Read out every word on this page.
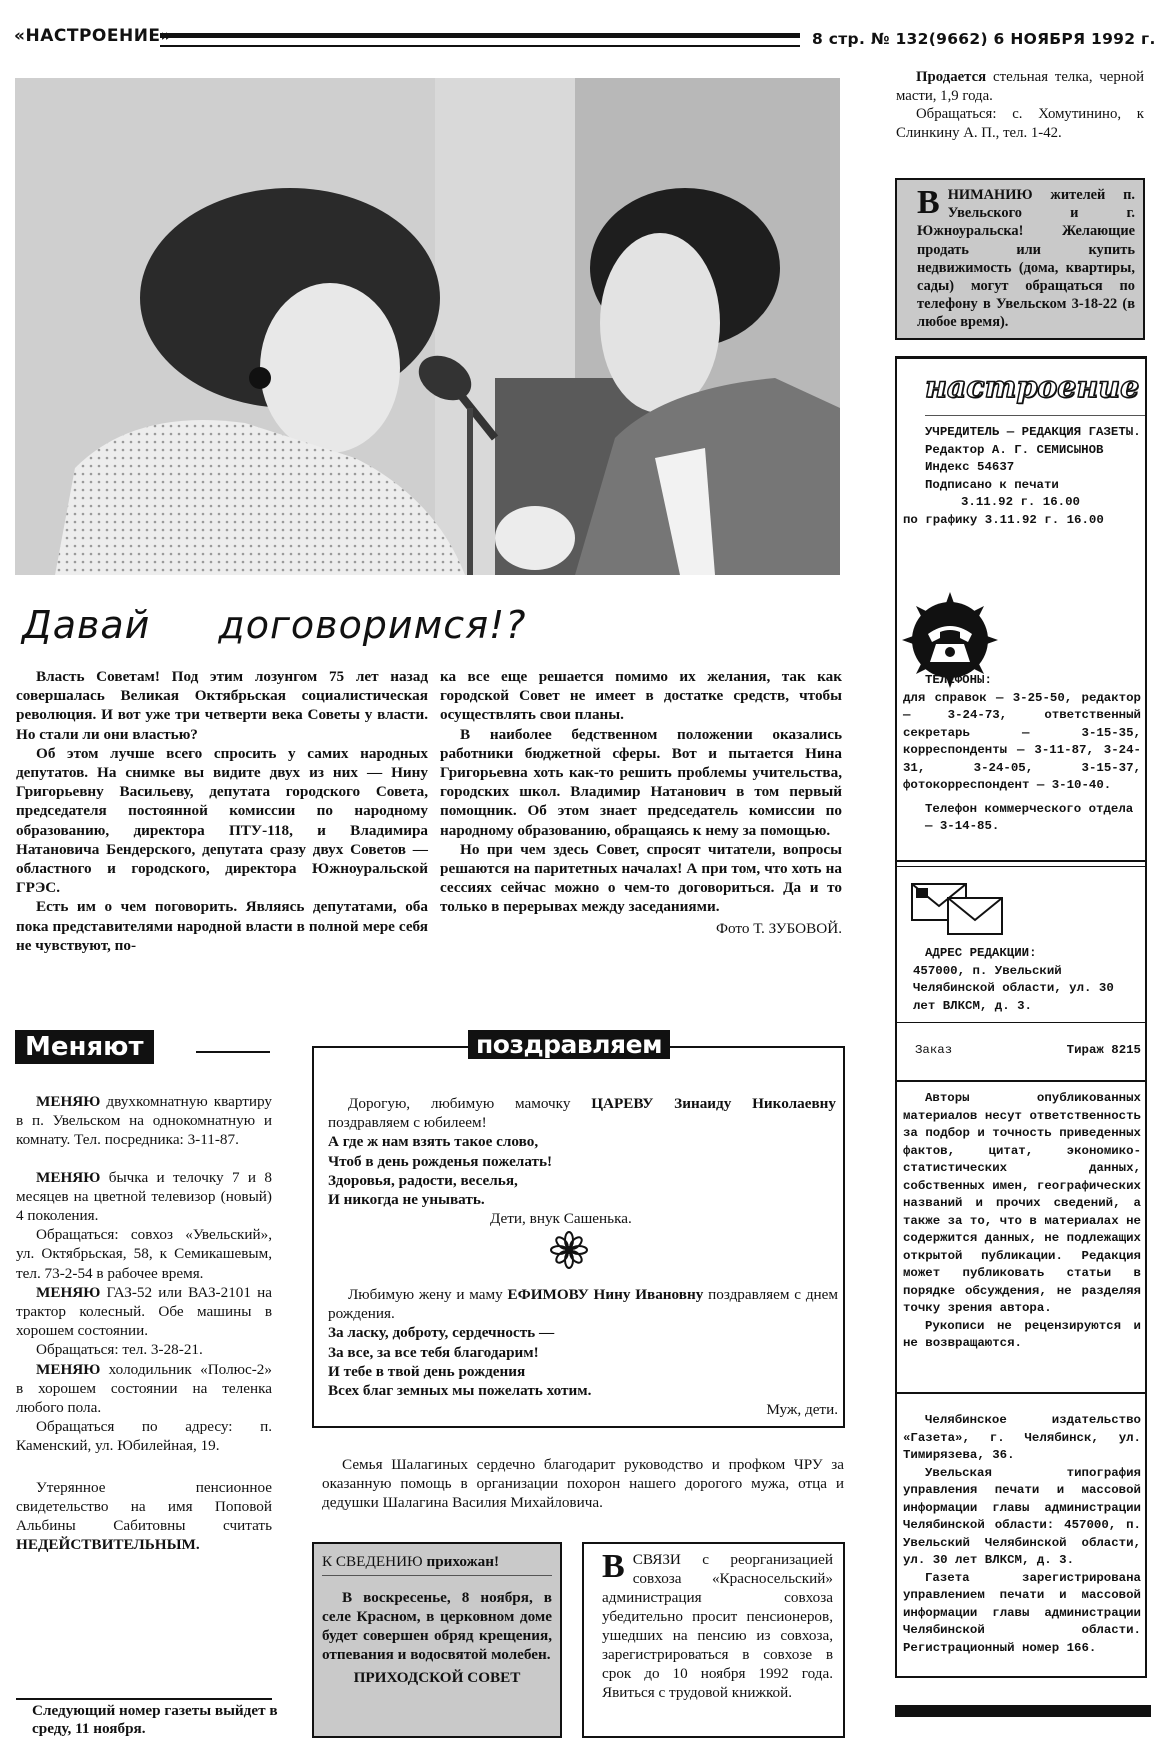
«НАСТРОЕНИЕ»	8 стр. № 132(9662) 6 НОЯБРЯ 1992 г.
Давай договоримся!?

Власть Советам! Под этим лозунгом 75 лет назад совершалась Великая Октябрьская социалистическая революция. И вот уже три четверти века Советы у власти. Но стали ли они властью?

Об этом лучше всего спросить у самих народных депутатов. На снимке вы видите двух из них — Нину Григорьевну Васильеву, депутата городского Совета, председателя постоянной комиссии по народному образованию, директора ПТУ-118, и Владимира Натановича Бендерского, депутата сразу двух Советов — областного и городского, директора Южноуральской ГРЭС.

Есть им о чем поговорить. Являясь депутатами, оба пока представителями народной власти в полной мере себя не чувствуют, по-

ка все еще решается помимо их желания, так как городской Совет не имеет в достатке средств, чтобы осуществлять свои планы.

В наиболее бедственном положении оказались работники бюджетной сферы. Вот и пытается Нина Григорьевна хоть как-то решить проблемы учительства, городских школ. Владимир Натанович в том первый помощник. Об этом знает председатель комиссии по народному образованию, обращаясь к нему за помощью.

Но при чем здесь Совет, спросят читатели, вопросы решаются на паритетных началах! А при том, что хоть на сессиях сейчас можно о чем-то договориться. Да и то только в перерывах между заседаниями.

Фото Т. ЗУБОВОЙ.

Продается стельная телка, черной масти, 1,9 года.

Обращаться: с. Хомутинино, к Слинкину А. П., тел. 1-42.

ВНИМАНИЮ жителей п. Увельского и г. Южноуральска! Желающие продать или купить недвижимость (дома, квартиры, сады) могут обращаться по телефону в Увельском 3-18-22 (в любое время).
настроение

УЧРЕДИТЕЛЬ — РЕДАКЦИЯ ГАЗЕТЫ.

Редактор А. Г. СЕМИСЫНОВ

Индекс 54637

Подписано к печати

3.11.92 г. 16.00

по графику 3.11.92 г. 16.00

ТЕЛЕФОНЫ:

для справок — 3-25-50, редактор — 3-24-73, ответственный секретарь — 3-15-35, корреспонденты — 3-11-87, 3-24-31, 3-24-05, 3-15-37, фотокорреспондент — 3-10-40.

Телефон коммерческого отдела — 3-14-85.

АДРЕС РЕДАКЦИИ:

457000, п. Увельский Челябинской области, ул. 30 лет ВЛКСМ, д. 3.

Заказ	Тираж 8215

Авторы опубликованных материалов несут ответственность за подбор и точность приведенных фактов, цитат, экономико-статистических данных, собственных имен, географических названий и прочих сведений, а также за то, что в материалах не содержится данных, не подлежащих открытой публикации. Редакция может публиковать статьи в порядке обсуждения, не разделяя точку зрения автора.

Рукописи не рецензируются и не возвращаются.

Челябинское издательство «Газета», г. Челябинск, ул. Тимирязева, 36.

Увельская типография управления печати и массовой информации главы администрации Челябинской области: 457000, п. Увельский Челябинской области, ул. 30 лет ВЛКСМ, д. 3.

Газета зарегистрирована управлением печати и массовой информации главы администрации Челябинской области. Регистрационный номер 166.

Меняют

МЕНЯЮ двухкомнатную квартиру в п. Увельском на однокомнатную и комнату. Тел. посредника: 3-11-87.

МЕНЯЮ бычка и телочку 7 и 8 месяцев на цветной телевизор (новый) 4 поколения.

Обращаться: совхоз «Увельский», ул. Октябрьская, 58, к Семикашевым, тел. 73-2-54 в рабочее время.

МЕНЯЮ ГАЗ-52 или ВАЗ-2101 на трактор колесный. Обе машины в хорошем состоянии.

Обращаться: тел. 3-28-21.

МЕНЯЮ холодильник «Полюс-2» в хорошем состоянии на теленка любого пола.

Обращаться по адресу: п. Каменский, ул. Юбилейная, 19.

Утерянное пенсионное свидетельство на имя Поповой Альбины Сабитовны считать НЕДЕЙСТВИТЕЛЬНЫМ.

Следующий номер газеты выйдет в среду, 11 ноября.
поздравляем

Дорогую, любимую мамочку ЦАРЕВУ Зинаиду Николаевну поздравляем с юбилеем!

А где ж нам взять такое слово,

Чтоб в день рожденья пожелать!

Здоровья, радости, веселья,

И никогда не унывать.

Дети, внук Сашенька.

Любимую жену и маму ЕФИМОВУ Нину Ивановну поздравляем с днем рождения.

За ласку, доброту, сердечность —

За все, за все тебя благодарим!

И тебе в твой день рождения

Всех благ земных мы пожелать хотим.

Муж, дети.

Семья Шалагиных сердечно благодарит руководство и профком ЧРУ за оказанную помощь в организации похорон нашего дорогого мужа, отца и дедушки Шалагина Василия Михайловича.

К СВЕДЕНИЮ прихожан!

В воскресенье, 8 ноября, в селе Красном, в церковном доме будет совершен обряд крещения, отпевания и водосвятой молебен.

ПРИХОДСКОЙ СОВЕТ

ВСВЯЗИ с реорганизацией совхоза «Красносельский» администрация совхоза убедительно просит пенсионеров, ушедших на пенсию из совхоза, зарегистрироваться в совхозе в срок до 10 ноября 1992 года. Явиться с трудовой книжкой.
